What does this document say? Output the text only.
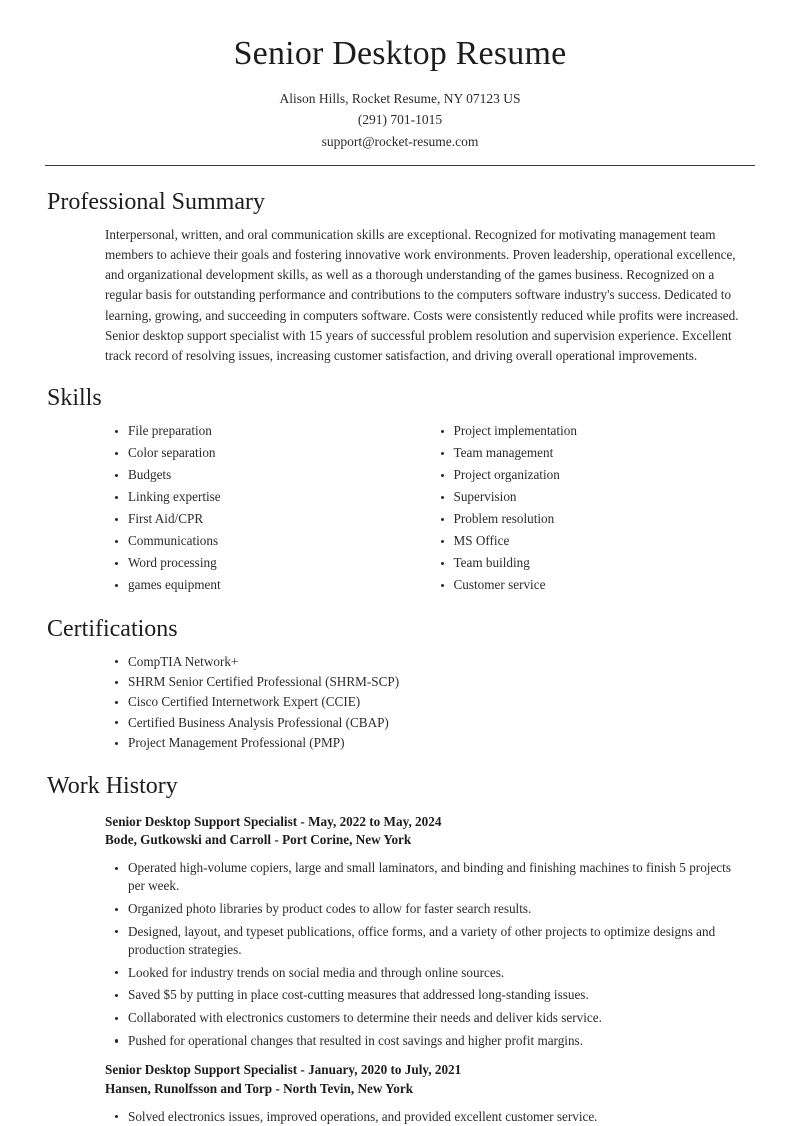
Senior Desktop Resume
Alison Hills, Rocket Resume, NY 07123 US
(291) 701-1015
support@rocket-resume.com
Professional Summary

Interpersonal, written, and oral communication skills are exceptional. Recognized for motivating management team members to achieve their goals and fostering innovative work environments. Proven leadership, operational excellence, and organizational development skills, as well as a thorough understanding of the games business. Recognized on a regular basis for outstanding performance and contributions to the computers software industry's success. Dedicated to learning, growing, and succeeding in computers software. Costs were consistently reduced while profits were increased. Senior desktop support specialist with 15 years of successful problem resolution and supervision experience. Excellent track record of resolving issues, increasing customer satisfaction, and driving overall operational improvements.

Skills
File preparation
Color separation
Budgets
Linking expertise
First Aid/CPR
Communications
Word processing
games equipment
Project implementation
Team management
Project organization
Supervision
Problem resolution
MS Office
Team building
Customer service
Certifications
CompTIA Network+
SHRM Senior Certified Professional (SHRM-SCP)
Cisco Certified Internetwork Expert (CCIE)
Certified Business Analysis Professional (CBAP)
Project Management Professional (PMP)
Work History
Senior Desktop Support Specialist - May, 2022 to May, 2024
Bode, Gutkowski and Carroll - Port Corine, New York
Operated high-volume copiers, large and small laminators, and binding and finishing machines to finish 5 projects per week.
Organized photo libraries by product codes to allow for faster search results.
Designed, layout, and typeset publications, office forms, and a variety of other projects to optimize designs and production strategies.
Looked for industry trends on social media and through online sources.
Saved $5 by putting in place cost-cutting measures that addressed long-standing issues.
Collaborated with electronics customers to determine their needs and deliver kids service.
Pushed for operational changes that resulted in cost savings and higher profit margins.
Senior Desktop Support Specialist - January, 2020 to July, 2021
Hansen, Runolfsson and Torp - North Tevin, New York
Solved electronics issues, improved operations, and provided excellent customer service.
